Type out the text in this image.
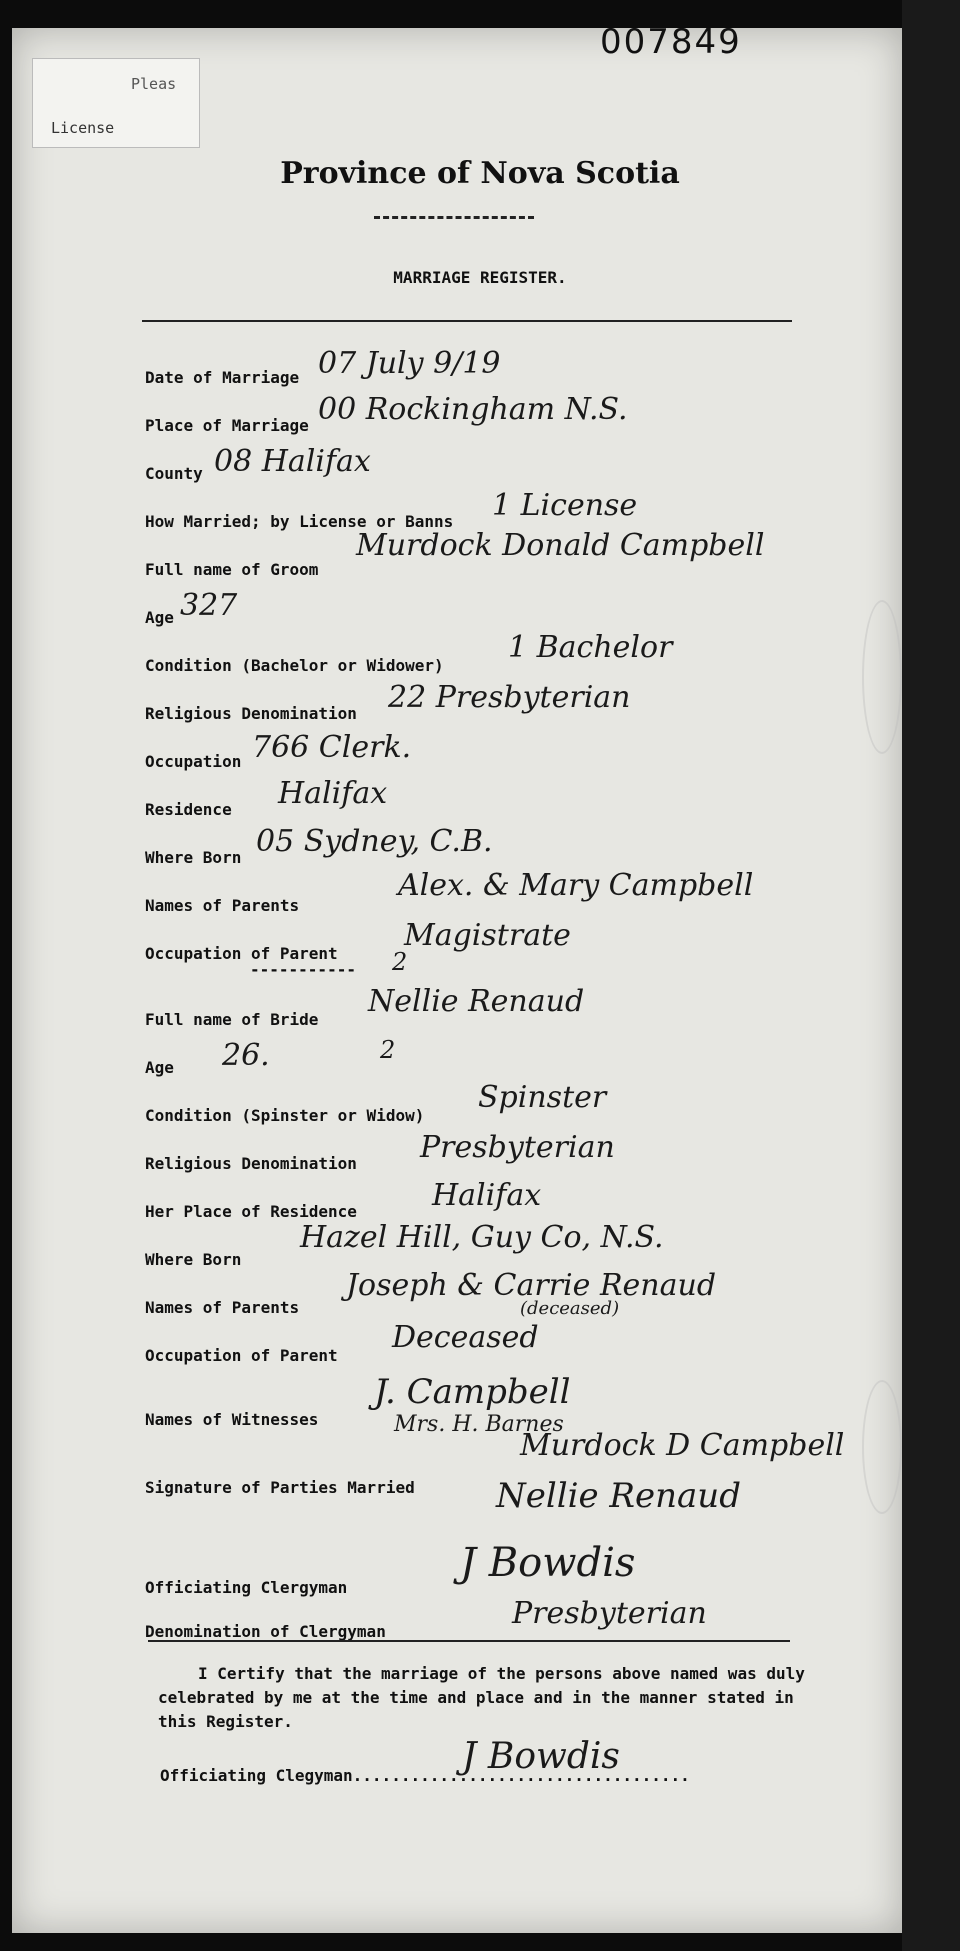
007849
Pleas
License
Province of Nova Scotia
MARRIAGE REGISTER.
Date of Marriage 07 July 9/19
Place of Marriage 00 Rockingham N.S.
County 08 Halifax
How Married; by License or Banns 1 License
Full name of Groom
Murdock Donald Campbell
Age 327
Condition (Bachelor or Widower)
1 Bachelor
Religious Denomination 22 Presbyterian
Occupation 766 Clerk.
Residence Halifax
Where Born 05 Sydney, C.B.
Names of Parents
Alex. & Mary Campbell
Occupation of Parent
Magistrate
----------- 2
Full name of Bride
Nellie Renaud
Age 26.	2
Condition (Spinster or Widow)
Spinster
Religious Denomination Presbyterian
Her Place of Residence	Halifax
Where Born
Hazel Hill, Guy Co, N.S.
Names of Parents
Joseph & Carrie Renaud
(deceased)
Occupation of Parent
Deceased
Names of Witnesses
J. Campbell
Mrs. H. Barnes
Murdock D Campbell
Signature of Parties Married Nellie Renaud
Officiating Clergyman
J Bowdis
Denomination of Clergyman
Presbyterian
I Certify that the marriage of the persons above named was duly celebrated by me at the time and place and in the manner stated in this Register.
Officiating Clegyman...................................
J Bowdis
